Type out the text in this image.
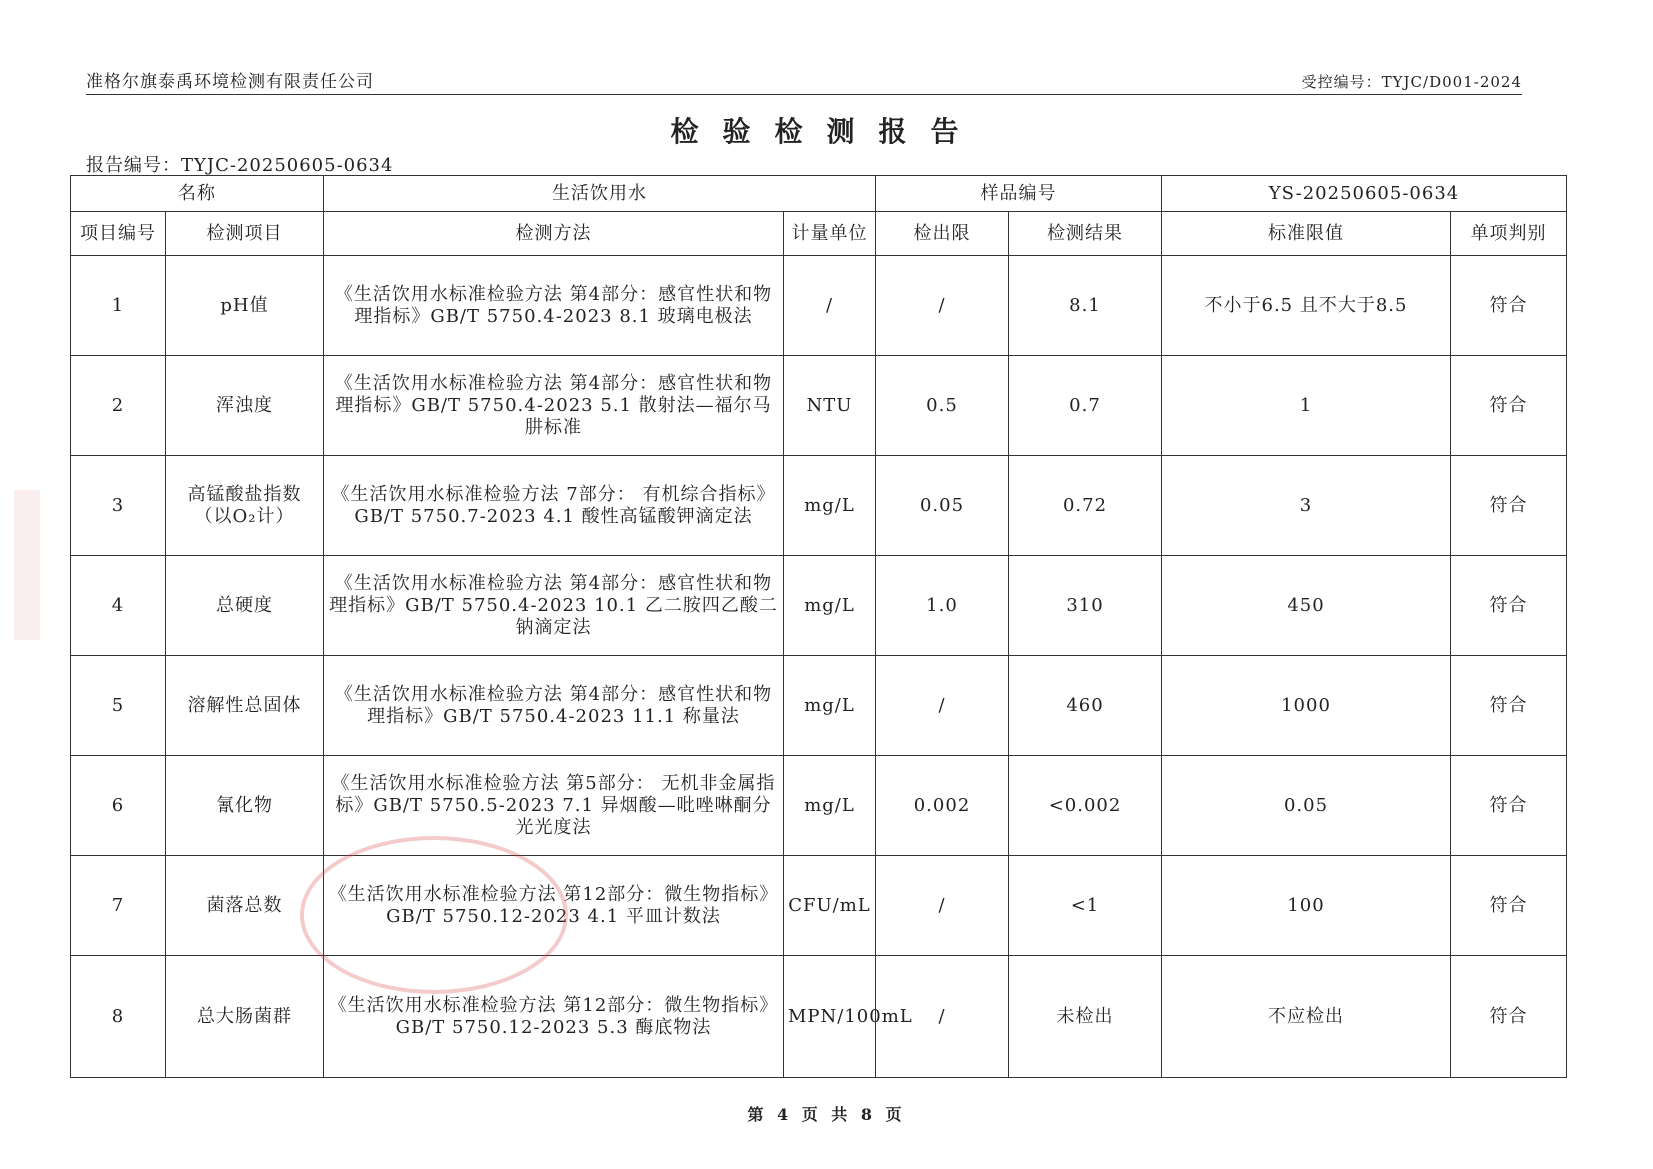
准格尔旗泰禹环境检测有限责任公司	受控编号：TYJC/D001-2024
检验检测报告
报告编号：TYJC-20250605-0634
名称		生活饮用水		样品编号		YS-20250605-0634	
项目编号	检测项目	检测方法	计量单位	检出限	检测结果	标准限值	单项判别
1	pH值	《生活饮用水标准检验方法 第4部分：感官性状和物理指标》GB/T 5750.4-2023 8.1 玻璃电极法	/	/	8.1	不小于6.5 且不大于8.5	符合
2	浑浊度	《生活饮用水标准检验方法 第4部分：感官性状和物理指标》GB/T 5750.4-2023 5.1 散射法—福尔马肼标准	NTU	0.5	0.7	1	符合
3	高锰酸盐指数（以O₂计）	《生活饮用水标准检验方法 7部分： 有机综合指标》GB/T 5750.7-2023 4.1 酸性高锰酸钾滴定法	mg/L	0.05	0.72	3	符合
4	总硬度	《生活饮用水标准检验方法 第4部分：感官性状和物理指标》GB/T 5750.4-2023 10.1 乙二胺四乙酸二钠滴定法	mg/L	1.0	310	450	符合
5	溶解性总固体	《生活饮用水标准检验方法 第4部分：感官性状和物理指标》GB/T 5750.4-2023 11.1 称量法	mg/L	/	460	1000	符合
6	氰化物	《生活饮用水标准检验方法 第5部分： 无机非金属指标》GB/T 5750.5-2023 7.1 异烟酸—吡唑啉酮分光光度法	mg/L	0.002	<0.002	0.05	符合
7	菌落总数	《生活饮用水标准检验方法 第12部分：微生物指标》GB/T 5750.12-2023 4.1 平皿计数法	CFU/mL	/	<1	100	符合
8	总大肠菌群	《生活饮用水标准检验方法 第12部分：微生物指标》GB/T 5750.12-2023 5.3 酶底物法	MPN/100mL	/	未检出	不应检出	符合
第 4 页 共 8 页
